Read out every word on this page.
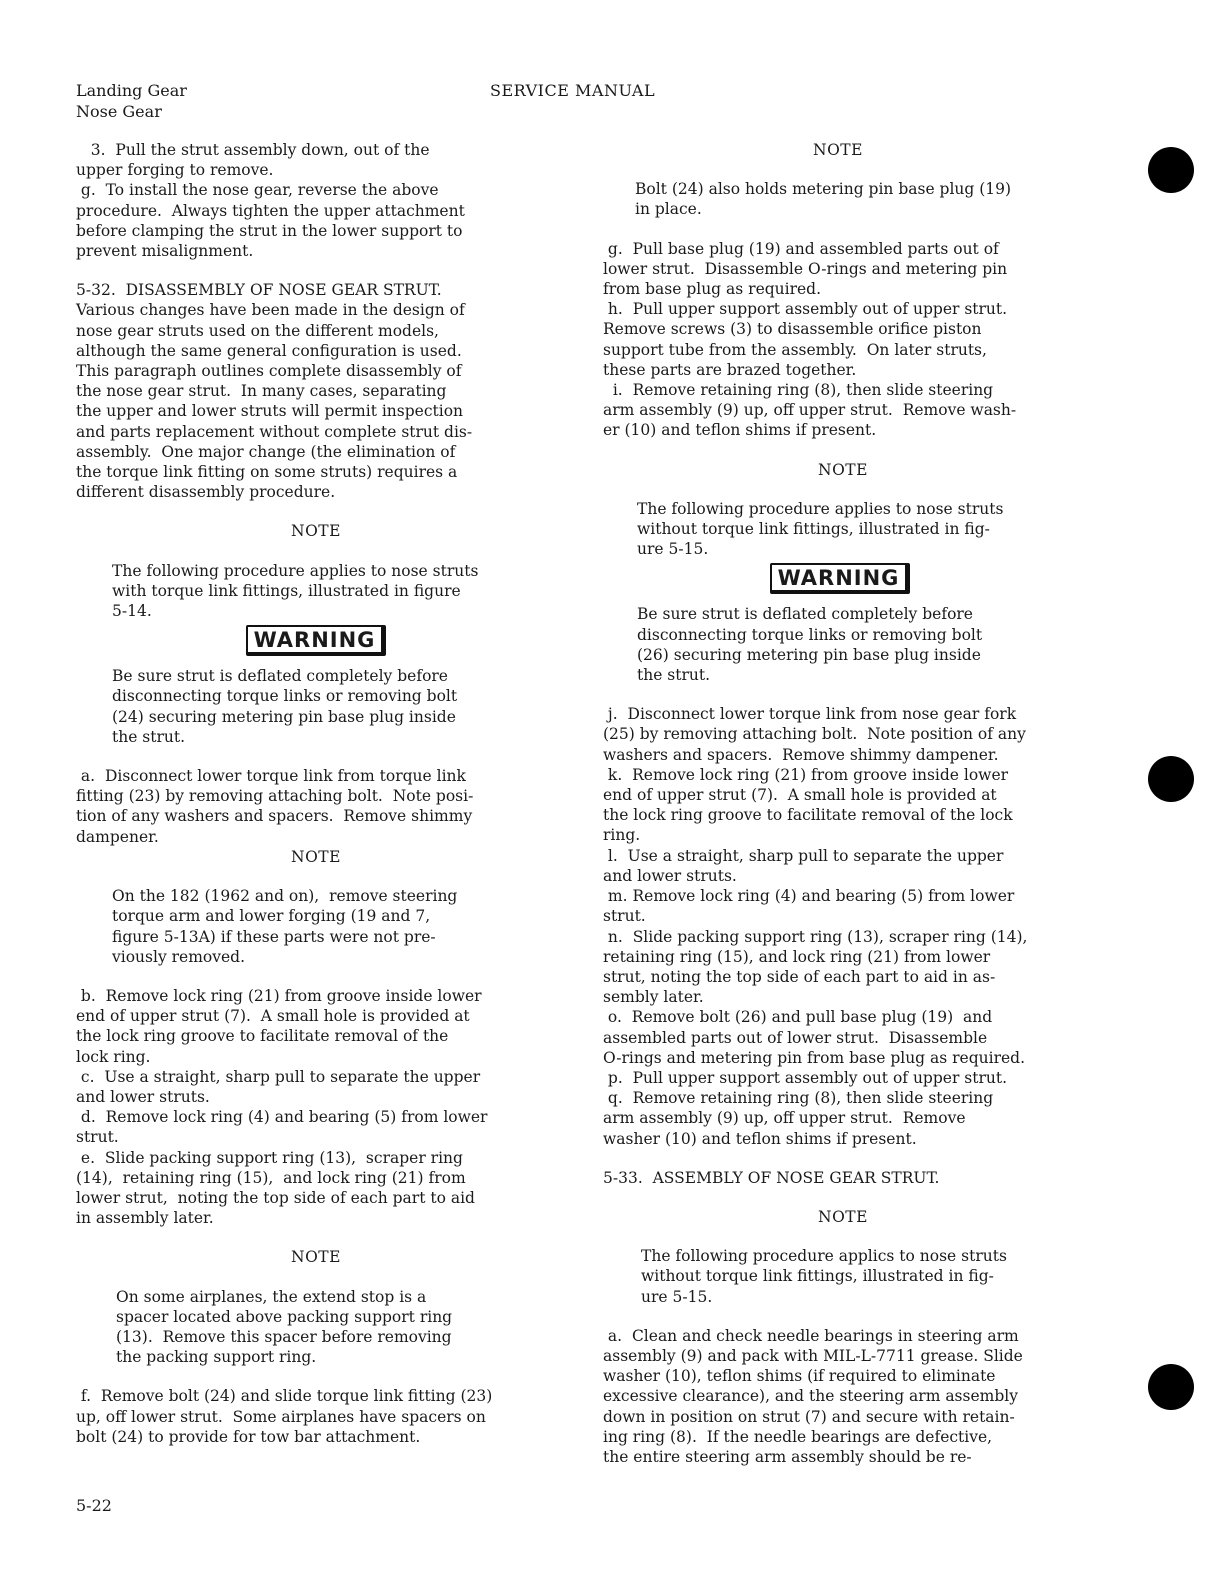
Landing Gear
Nose Gear
SERVICE MANUAL

3.  Pull the strut assembly down, out of the

upper forging to remove.

g.  To install the nose gear, reverse the above

procedure.  Always tighten the upper attachment

before clamping the strut in the lower support to

prevent misalignment.

5-32.  DISASSEMBLY OF NOSE GEAR STRUT.

Various changes have been made in the design of

nose gear struts used on the different models,

although the same general configuration is used.

This paragraph outlines complete disassembly of

the nose gear strut.  In many cases, separating

the upper and lower struts will permit inspection

and parts replacement without complete strut dis-

assembly.  One major change (the elimination of

the torque link fitting on some struts) requires a

different disassembly procedure.

NOTE

The following procedure applies to nose struts

with torque link fittings, illustrated in figure

5-14.

WARNING

Be sure strut is deflated completely before

disconnecting torque links or removing bolt

(24) securing metering pin base plug inside

the strut.

a.  Disconnect lower torque link from torque link

fitting (23) by removing attaching bolt.  Note posi-

tion of any washers and spacers.  Remove shimmy

dampener.

NOTE

On the 182 (1962 and on),  remove steering

torque arm and lower forging (19 and 7,

figure 5-13A) if these parts were not pre-

viously removed.

b.  Remove lock ring (21) from groove inside lower

end of upper strut (7).  A small hole is provided at

the lock ring groove to facilitate removal of the

lock ring.

c.  Use a straight, sharp pull to separate the upper

and lower struts.

d.  Remove lock ring (4) and bearing (5) from lower

strut.

e.  Slide packing support ring (13),  scraper ring

(14),  retaining ring (15),  and lock ring (21) from

lower strut,  noting the top side of each part to aid

in assembly later.

NOTE

On some airplanes, the extend stop is a

spacer located above packing support ring

(13).  Remove this spacer before removing

the packing support ring.

f.  Remove bolt (24) and slide torque link fitting (23)

up, off lower strut.  Some airplanes have spacers on

bolt (24) to provide for tow bar attachment.

NOTE

Bolt (24) also holds metering pin base plug (19)

in place.

g.  Pull base plug (19) and assembled parts out of

lower strut.  Disassemble O-rings and metering pin

from base plug as required.

h.  Pull upper support assembly out of upper strut.

Remove screws (3) to disassemble orifice piston

support tube from the assembly.  On later struts,

these parts are brazed together.

i.  Remove retaining ring (8), then slide steering

arm assembly (9) up, off upper strut.  Remove wash-

er (10) and teflon shims if present.

NOTE

The following procedure applies to nose struts

without torque link fittings, illustrated in fig-

ure 5-15.

WARNING

Be sure strut is deflated completely before

disconnecting torque links or removing bolt

(26) securing metering pin base plug inside

the strut.

j.  Disconnect lower torque link from nose gear fork

(25) by removing attaching bolt.  Note position of any

washers and spacers.  Remove shimmy dampener.

k.  Remove lock ring (21) from groove inside lower

end of upper strut (7).  A small hole is provided at

the lock ring groove to facilitate removal of the lock

ring.

l.  Use a straight, sharp pull to separate the upper

and lower struts.

m. Remove lock ring (4) and bearing (5) from lower

strut.

n.  Slide packing support ring (13), scraper ring (14),

retaining ring (15), and lock ring (21) from lower

strut, noting the top side of each part to aid in as-

sembly later.

o.  Remove bolt (26) and pull base plug (19)  and

assembled parts out of lower strut.  Disassemble

O-rings and metering pin from base plug as required.

p.  Pull upper support assembly out of upper strut.

q.  Remove retaining ring (8), then slide steering

arm assembly (9) up, off upper strut.  Remove

washer (10) and teflon shims if present.

5-33.  ASSEMBLY OF NOSE GEAR STRUT.

NOTE

The following procedure applics to nose struts

without torque link fittings, illustrated in fig-

ure 5-15.

a.  Clean and check needle bearings in steering arm

assembly (9) and pack with MIL-L-7711 grease. Slide

washer (10), teflon shims (if required to eliminate

excessive clearance), and the steering arm assembly

down in position on strut (7) and secure with retain-

ing ring (8).  If the needle bearings are defective,

the entire steering arm assembly should be re-

5-22
